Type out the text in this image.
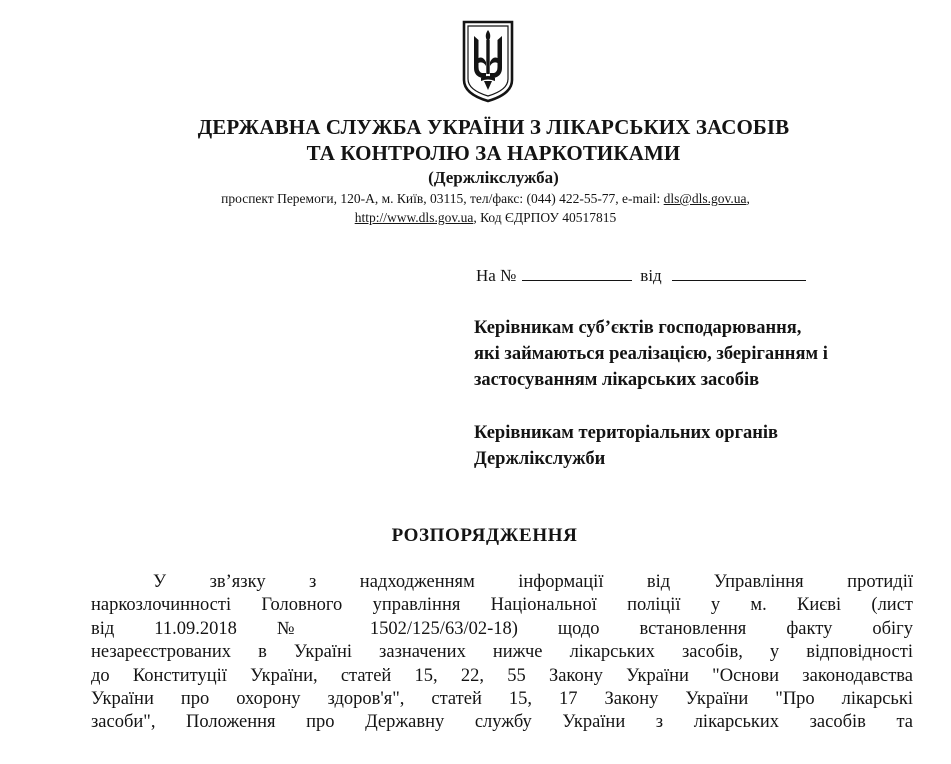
ДЕРЖАВНА СЛУЖБА УКРАЇНИ З ЛІКАРСЬКИХ ЗАСОБІВ
ТА КОНТРОЛЮ ЗА НАРКОТИКАМИ
(Держлікслужба)
проспект Перемоги, 120-А, м. Київ, 03115, тел/факс: (044) 422-55-77, e-mail: dls@dls.gov.ua,
http://www.dls.gov.ua, Код ЄДРПОУ 40517815
На №	від
Керівникам суб’єктів господарювання,
які займаються реалізацією, зберіганням і
застосуванням лікарських засобів
Керівникам територіальних органів
Держлікслужби
РОЗПОРЯДЖЕННЯ
У зв’язку з надходженням інформації від Управління протидії
наркозлочинності Головного управління Національної поліції у м. Києві (лист
від 11.09.2018 № 1502/125/63/02-18) щодо встановлення факту обігу
незареєстрованих в Україні зазначених нижче лікарських засобів, у відповідності
до Конституції України, статей 15, 22, 55 Закону України "Основи законодавства
України про охорону здоров'я", статей 15, 17 Закону України "Про лікарські
засоби", Положення про Державну службу України з лікарських засобів та
